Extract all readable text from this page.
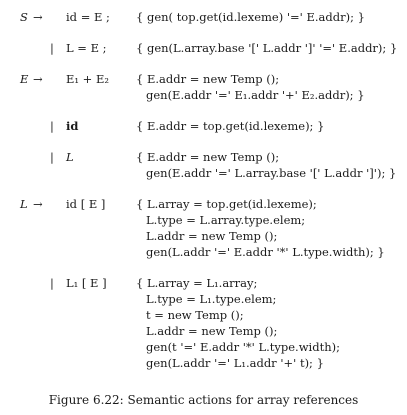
S → id = E ; { gen( top.get(id.lexeme) '=' E.addr); }
| L = E ;	{ gen(L.array.base '[' L.addr ']' '=' E.addr); }
E → E₁ + E₂ { E.addr = new Temp ();
gen(E.addr '=' E₁.addr '+' E₂.addr); }
| id	{ E.addr = top.get(id.lexeme); }
| L	{ E.addr = new Temp ();
gen(E.addr '=' L.array.base '[' L.addr ']'); }
L → id [ E ]	{ L.array = top.get(id.lexeme);
L.type = L.array.type.elem;
L.addr = new Temp ();
gen(L.addr '=' E.addr '*' L.type.width); }
| L₁ [ E ]	{ L.array = L₁.array;
L.type = L₁.type.elem;
t = new Temp ();
L.addr = new Temp ();
gen(t '=' E.addr '*' L.type.width);
gen(L.addr '=' L₁.addr '+' t); }
Figure 6.22: Semantic actions for array references
